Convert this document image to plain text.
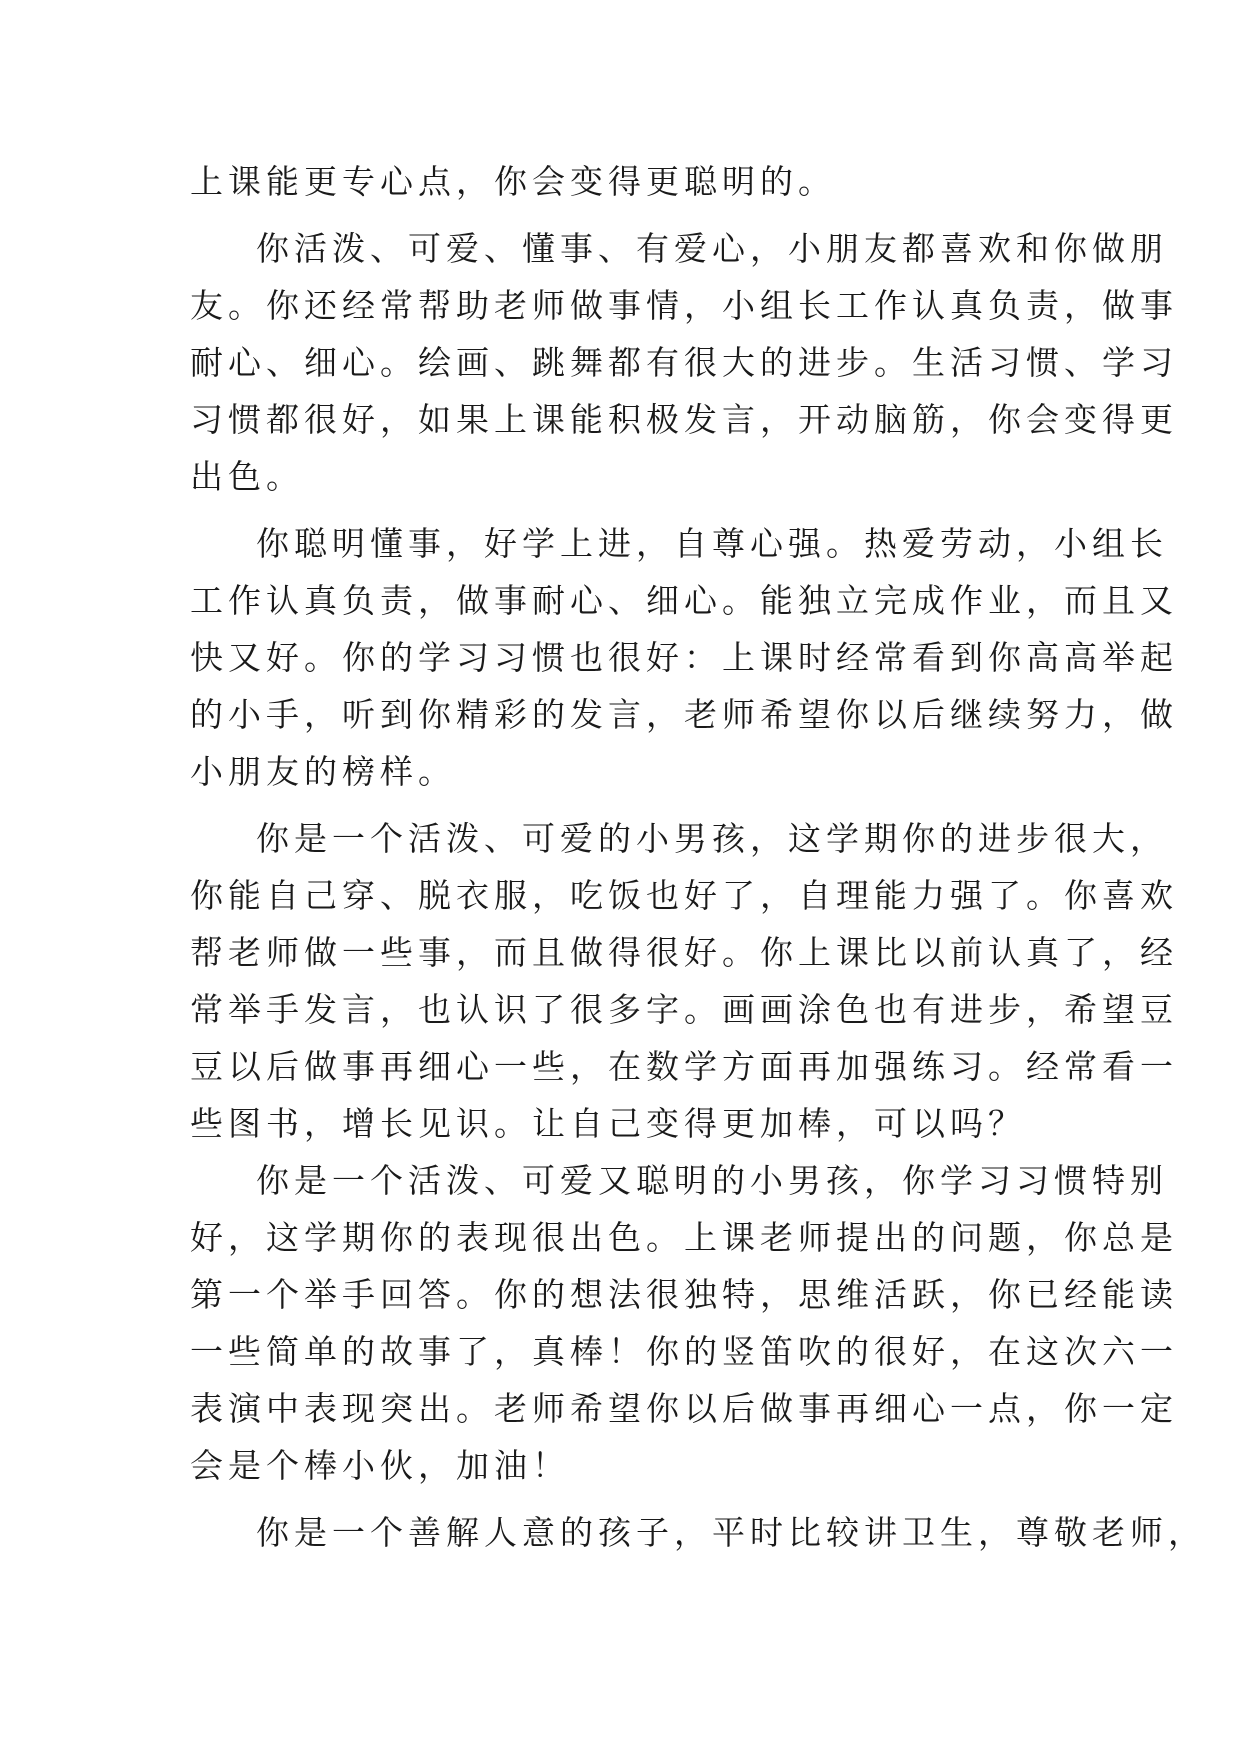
上课能更专心点，你会变得更聪明的。
你活泼、可爱、懂事、有爱心，小朋友都喜欢和你做朋
友。你还经常帮助老师做事情，小组长工作认真负责，做事
耐心、细心。绘画、跳舞都有很大的进步。生活习惯、学习
习惯都很好，如果上课能积极发言，开动脑筋，你会变得更
出色。
你聪明懂事，好学上进，自尊心强。热爱劳动，小组长
工作认真负责，做事耐心、细心。能独立完成作业，而且又
快又好。你的学习习惯也很好：上课时经常看到你高高举起
的小手，听到你精彩的发言，老师希望你以后继续努力，做
小朋友的榜样。
你是一个活泼、可爱的小男孩，这学期你的进步很大，
你能自己穿、脱衣服，吃饭也好了，自理能力强了。你喜欢
帮老师做一些事，而且做得很好。你上课比以前认真了，经
常举手发言，也认识了很多字。画画涂色也有进步，希望豆
豆以后做事再细心一些，在数学方面再加强练习。经常看一
些图书，增长见识。让自己变得更加棒，可以吗？
你是一个活泼、可爱又聪明的小男孩，你学习习惯特别
好，这学期你的表现很出色。上课老师提出的问题，你总是
第一个举手回答。你的想法很独特，思维活跃，你已经能读
一些简单的故事了，真棒！你的竖笛吹的很好，在这次六一
表演中表现突出。老师希望你以后做事再细心一点，你一定
会是个棒小伙，加油！
你是一个善解人意的孩子，平时比较讲卫生，尊敬老师，
